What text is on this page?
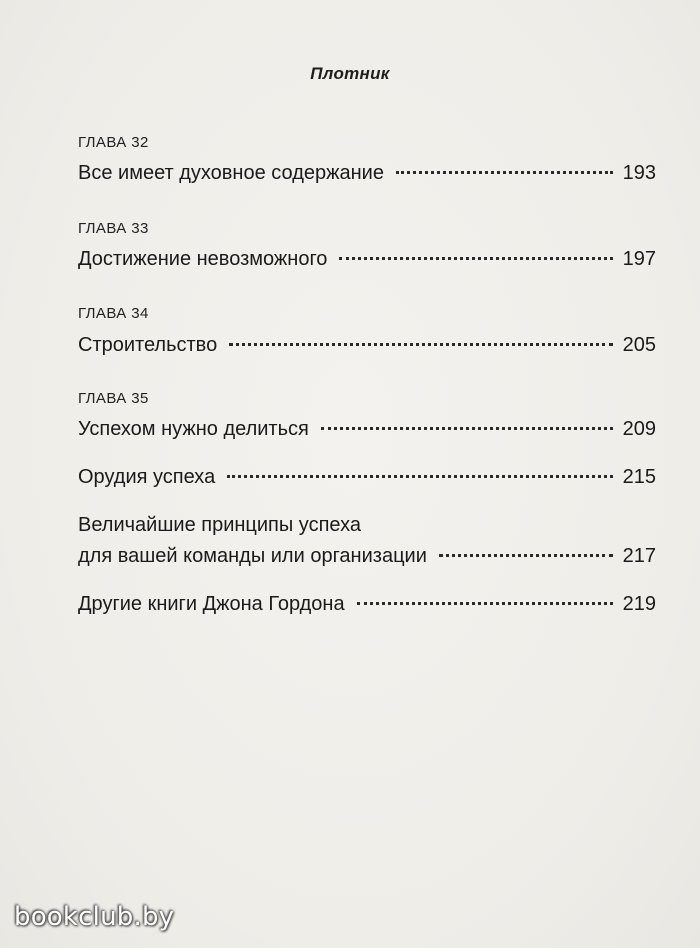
Плотник
ГЛАВА 32
Все имеет духовное содержание	193
ГЛАВА 33
Достижение невозможного	197
ГЛАВА 34
Строительство	205
ГЛАВА 35
Успехом нужно делиться	209
Орудия успеха	215
Величайшие принципы успеха
для вашей команды или организации	217
Другие книги Джона Гордона	219
bookclub.by
